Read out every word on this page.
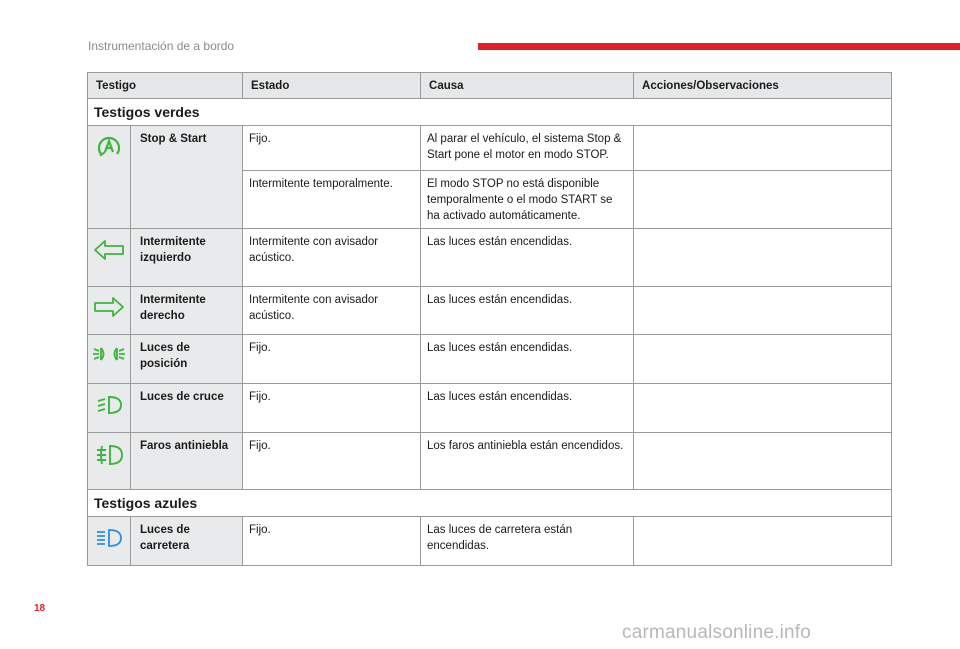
Instrumentación de a bordo
Testigo		Estado	Causa	Acciones/Observaciones
Testigos verdes				

	Stop & Start	Fijo.	Al parar el vehículo, el sistema Stop & Start pone el motor en modo STOP.	
		Intermitente temporalmente.	El modo STOP no está disponible temporalmente o el modo START se ha activado automáticamente.	

	Intermitente izquierdo	Intermitente con avisador acústico.	Las luces están encendidas.	

	Intermitente derecho	Intermitente con avisador acústico.	Las luces están encendidas.	

	Luces de posición	Fijo.	Las luces están encendidas.	

	Luces de cruce	Fijo.	Las luces están encendidas.	

	Faros antiniebla	Fijo.	Los faros antiniebla están encendidos.	
Testigos azules				

	Luces de carretera	Fijo.	Las luces de carretera están encendidas.	
18
carmanualsonline.info
